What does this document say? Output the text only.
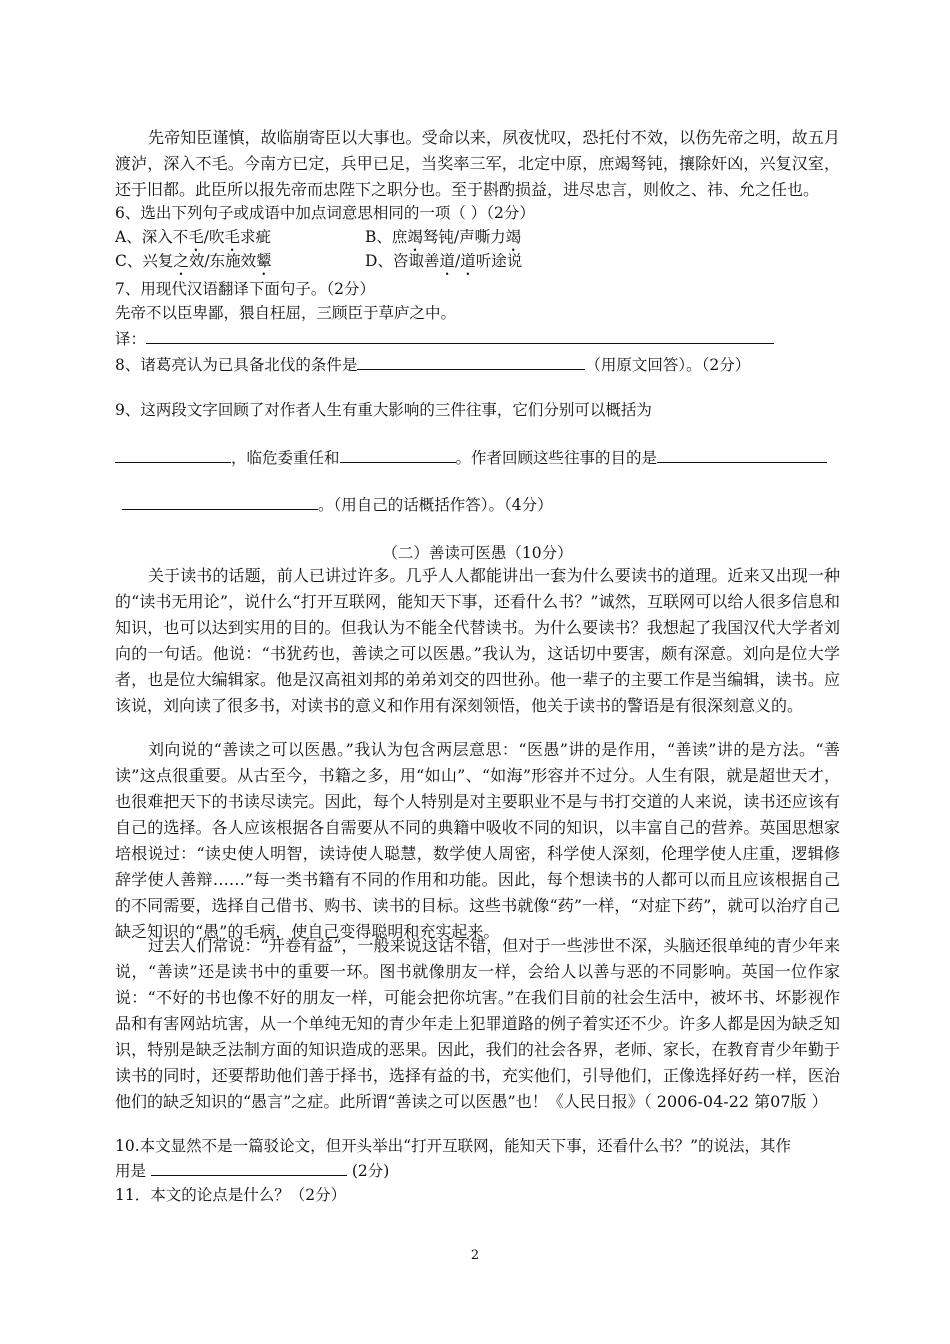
先帝知臣谨慎，故临崩寄臣以大事也。受命以来，夙夜忧叹，恐托付不效，以伤先帝之明，故五月渡泸，深入不毛。今南方已定，兵甲已足，当奖率三军，北定中原，庶竭驽钝，攘除奸凶，兴复汉室，还于旧都。此臣所以报先帝而忠陛下之职分也。至于斟酌损益，进尽忠言，则攸之、祎、允之任也。

6、选出下列句子或成语中加点词意思相同的一项（ ）（2分）
A、深入不毛/吹毛求疵	B、庶竭驽钝/声嘶力竭
C、兴复之效/东施效颦	D、咨诹善道/道听途说
7、用现代汉语翻译下面句子。（2分）
先帝不以臣卑鄙，猥自枉屈，三顾臣于草庐之中。
译：
8、诸葛亮认为已具备北伐的条件是	（用原文回答）。（2分）
9、这两段文字回顾了对作者人生有重大影响的三件往事，它们分别可以概括为
，临危委重任和	。作者回顾这些往事的目的是
。（用自己的话概括作答）。（4分）
（二）善读可医愚（10分）

关于读书的话题，前人已讲过许多。几乎人人都能讲出一套为什么要读书的道理。近来又出现一种的“读书无用论”，说什么“打开互联网，能知天下事，还看什么书？”诚然，互联网可以给人很多信息和知识，也可以达到实用的目的。但我认为不能全代替读书。为什么要读书？我想起了我国汉代大学者刘向的一句话。他说：“书犹药也，善读之可以医愚。”我认为，这话切中要害，颇有深意。刘向是位大学者，也是位大编辑家。他是汉高祖刘邦的弟弟刘交的四世孙。他一辈子的主要工作是当编辑，读书。应该说，刘向读了很多书，对读书的意义和作用有深刻领悟，他关于读书的警语是有很深刻意义的。

刘向说的“善读之可以医愚。”我认为包含两层意思：“医愚”讲的是作用，“善读”讲的是方法。“善读”这点很重要。从古至今，书籍之多，用“如山”、“如海”形容并不过分。人生有限，就是超世天才，也很难把天下的书读尽读完。因此，每个人特别是对主要职业不是与书打交道的人来说，读书还应该有自己的选择。各人应该根据各自需要从不同的典籍中吸收不同的知识，以丰富自己的营养。英国思想家培根说过：“读史使人明智，读诗使人聪慧，数学使人周密，科学使人深刻，伦理学使人庄重，逻辑修辞学使人善辩……”每一类书籍有不同的作用和功能。因此，每个想读书的人都可以而且应该根据自己的不同需要，选择自己借书、购书、读书的目标。这些书就像“药”一样，“对症下药”，就可以治疗自己缺乏知识的“愚”的毛病，使自己变得聪明和充实起来。

过去人们常说：“开卷有益”，一般来说这话不错，但对于一些涉世不深，头脑还很单纯的青少年来说，“善读”还是读书中的重要一环。图书就像朋友一样，会给人以善与恶的不同影响。英国一位作家说：“不好的书也像不好的朋友一样，可能会把你坑害。”在我们目前的社会生活中，被坏书、坏影视作品和有害网站坑害，从一个单纯无知的青少年走上犯罪道路的例子着实还不少。许多人都是因为缺乏知识，特别是缺乏法制方面的知识造成的恶果。因此，我们的社会各界，老师、家长，在教育青少年勤于读书的同时，还要帮助他们善于择书，选择有益的书，充实他们，引导他们，正像选择好药一样，医治他们的缺乏知识的“愚言”之症。此所谓“善读之可以医愚”也！《人民日报》（ 2006-04-22 第07版 ）

10.本文显然不是一篇驳论文，但开头举出“打开互联网，能知天下事，还看什么书？”的说法，其作
用是	(2分)
11．本文的论点是什么？（2分）
2
